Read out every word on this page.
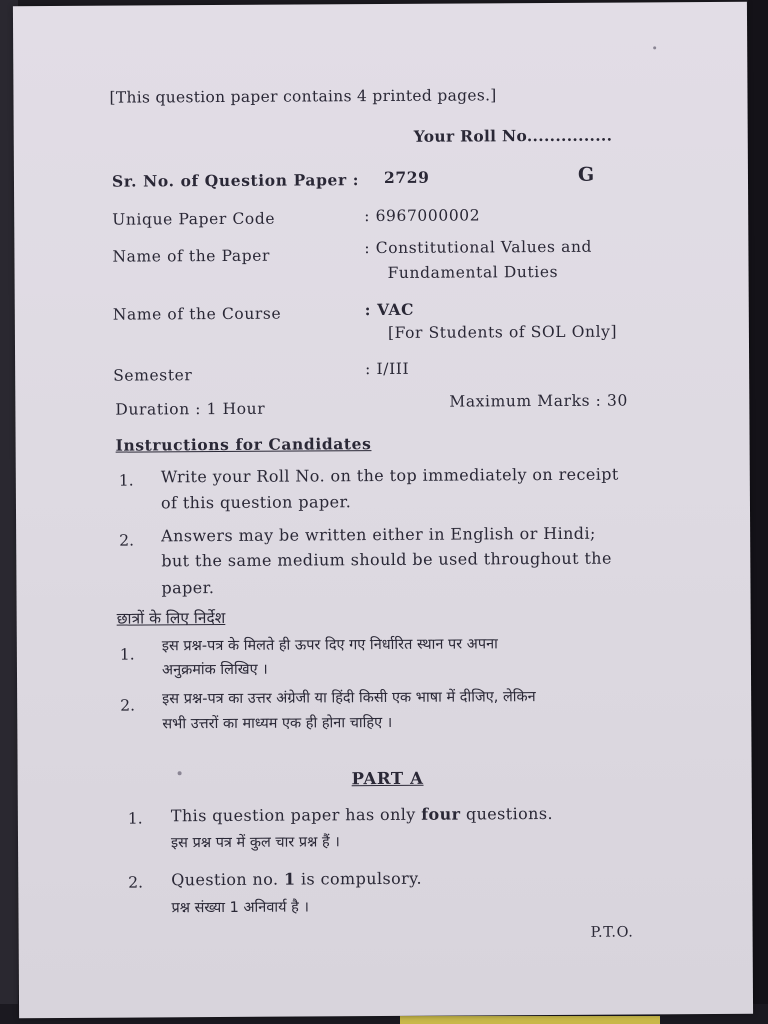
[This question paper contains 4 printed pages.]
Your Roll No...............
Sr. No. of Question Paper : 2729	G
Unique Paper Code	: 6967000002
Name of the Paper	: Constitutional Values and
Fundamental Duties
Name of the Course	: VAC
[For Students of SOL Only]
Semester	: I/III
Duration : 1 Hour	Maximum Marks : 30
Instructions for Candidates
1. Write your Roll No. on the top immediately on receipt
of this question paper.
2. Answers may be written either in English or Hindi;
but the same medium should be used throughout the
paper.
छात्रों के लिए निर्देश
1.
इस प्रश्न-पत्र के मिलते ही ऊपर दिए गए निर्धारित स्थान पर अपना
अनुक्रमांक लिखिए ।
2. इस प्रश्न-पत्र का उत्तर अंग्रेजी या हिंदी किसी एक भाषा में दीजिए, लेकिन
सभी उत्तरों का माध्यम एक ही होना चाहिए ।
PART A
1. This question paper has only four questions.
इस प्रश्न पत्र में कुल चार प्रश्न हैं ।
2. Question no. 1 is compulsory.
प्रश्न संख्या 1 अनिवार्य है ।
P.T.O.
